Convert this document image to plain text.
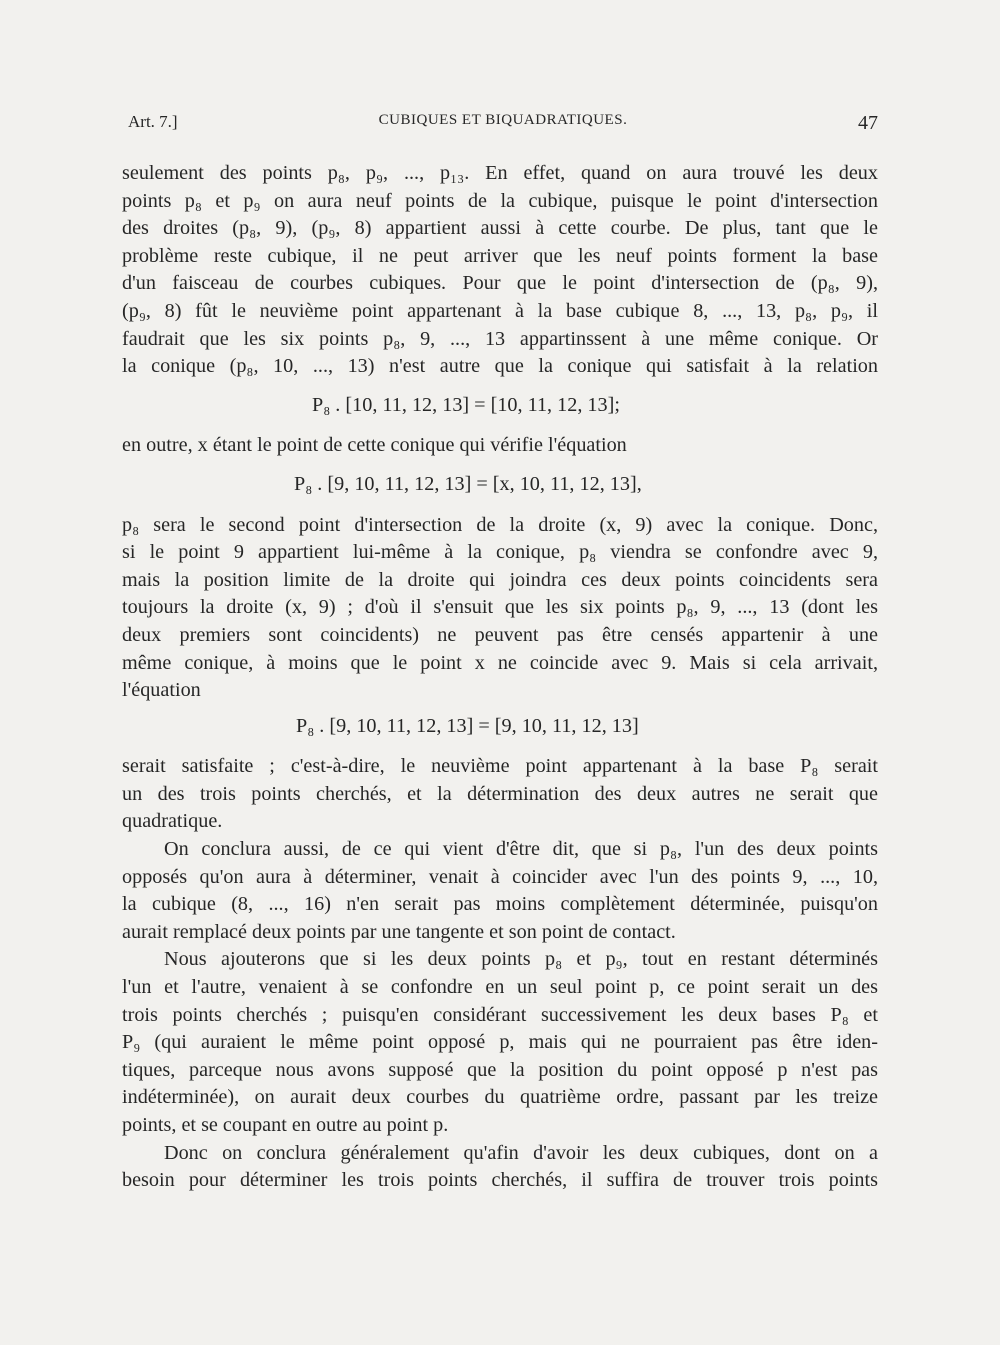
Art. 7.]	CUBIQUES ET BIQUADRATIQUES.	47

seulement des points p₈, p₉, ..., p₁₃. En effet, quand on aura trouvé les deux
points p₈ et p₉ on aura neuf points de la cubique, puisque le point d'intersection
des droites (p₈, 9), (p₉, 8) appartient aussi à cette courbe. De plus, tant que le
problème reste cubique, il ne peut arriver que les neuf points forment la base
d'un faisceau de courbes cubiques. Pour que le point d'intersection de (p₈, 9),
(p₉, 8) fût le neuvième point appartenant à la base cubique 8, ..., 13, p₈, p₉, il
faudrait que les six points p₈, 9, ..., 13 appartinssent à une même conique. Or
la conique (p₈, 10, ..., 13) n'est autre que la conique qui satisfait à la relation

P₈ . [10, 11, 12, 13] = [10, 11, 12, 13];

en outre, x étant le point de cette conique qui vérifie l'équation

P₈ . [9, 10, 11, 12, 13] = [x, 10, 11, 12, 13],

p₈ sera le second point d'intersection de la droite (x, 9) avec la conique. Donc,
si le point 9 appartient lui-même à la conique, p₈ viendra se confondre avec 9,
mais la position limite de la droite qui joindra ces deux points coincidents sera
toujours la droite (x, 9) ; d'où il s'ensuit que les six points p₈, 9, ..., 13 (dont les
deux premiers sont coincidents) ne peuvent pas être censés appartenir à une
même conique, à moins que le point x ne coincide avec 9. Mais si cela arrivait,
l'équation

P₈ . [9, 10, 11, 12, 13] = [9, 10, 11, 12, 13]

serait satisfaite ; c'est-à-dire, le neuvième point appartenant à la base P₈ serait
un des trois points cherchés, et la détermination des deux autres ne serait que
quadratique.

On conclura aussi, de ce qui vient d'être dit, que si p₈, l'un des deux points
opposés qu'on aura à déterminer, venait à coincider avec l'un des points 9, ..., 10,
la cubique (8, ..., 16) n'en serait pas moins complètement déterminée, puisqu'on
aurait remplacé deux points par une tangente et son point de contact.

Nous ajouterons que si les deux points p₈ et p₉, tout en restant déterminés
l'un et l'autre, venaient à se confondre en un seul point p, ce point serait un des
trois points cherchés ; puisqu'en considérant successivement les deux bases P₈ et
P₉ (qui auraient le même point opposé p, mais qui ne pourraient pas être iden-
tiques, parceque nous avons supposé que la position du point opposé p n'est pas
indéterminée), on aurait deux courbes du quatrième ordre, passant par les treize
points, et se coupant en outre au point p.

Donc on conclura généralement qu'afin d'avoir les deux cubiques, dont on a
besoin pour déterminer les trois points cherchés, il suffira de trouver trois points
